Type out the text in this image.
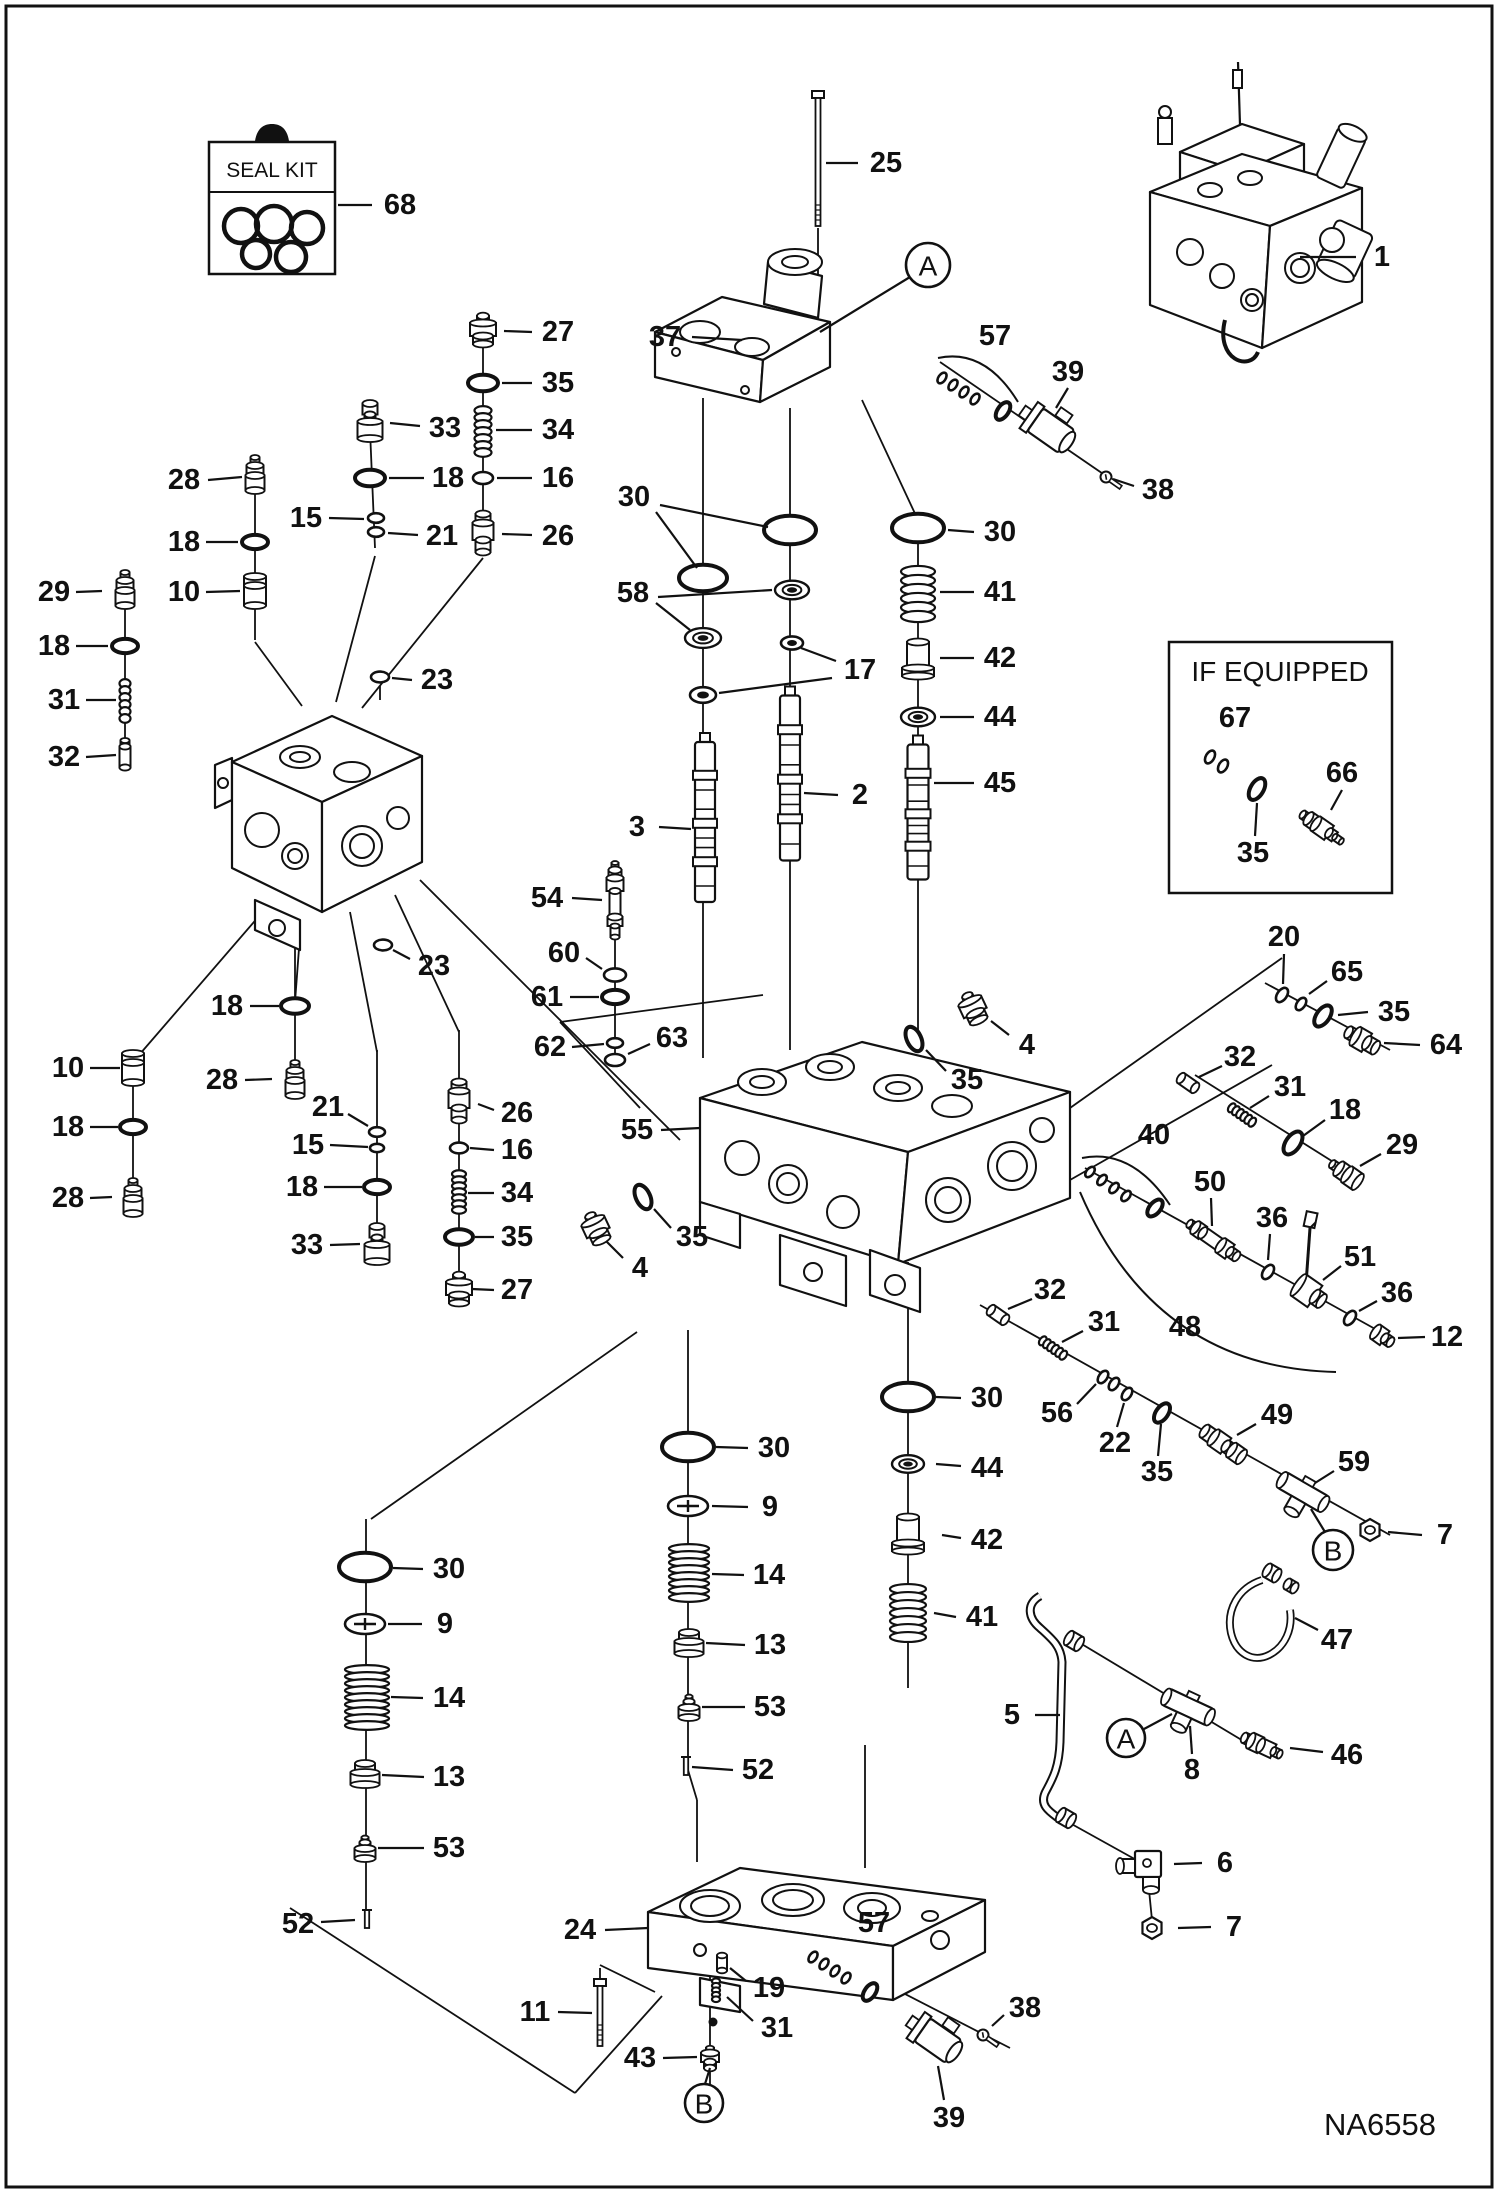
SEAL KIT
IF EQUIPPED
68
25
37
1
57
39
38
27
35
33	34
18	16
15
21	26
28
18
10
29
18
31
32
23
23
30
58
30
17
41
42
44
45
2
3
54
60
61
62	63
55
4
35
4
35
20
65
35
64
32
31
18
29
40
50
36
51
36
12
48
32
31
56
22
35
49
59
7
47
5
8	46
6
7
30
44
42
41
30
9
14
13
53
52
30
9
14
13
53
52	24
11
19
31
43
57
38
39
67
35
66
18
28
10
18
28
21
15
18
33
26
16
34
35
27
A
B
A
B
NA6558
